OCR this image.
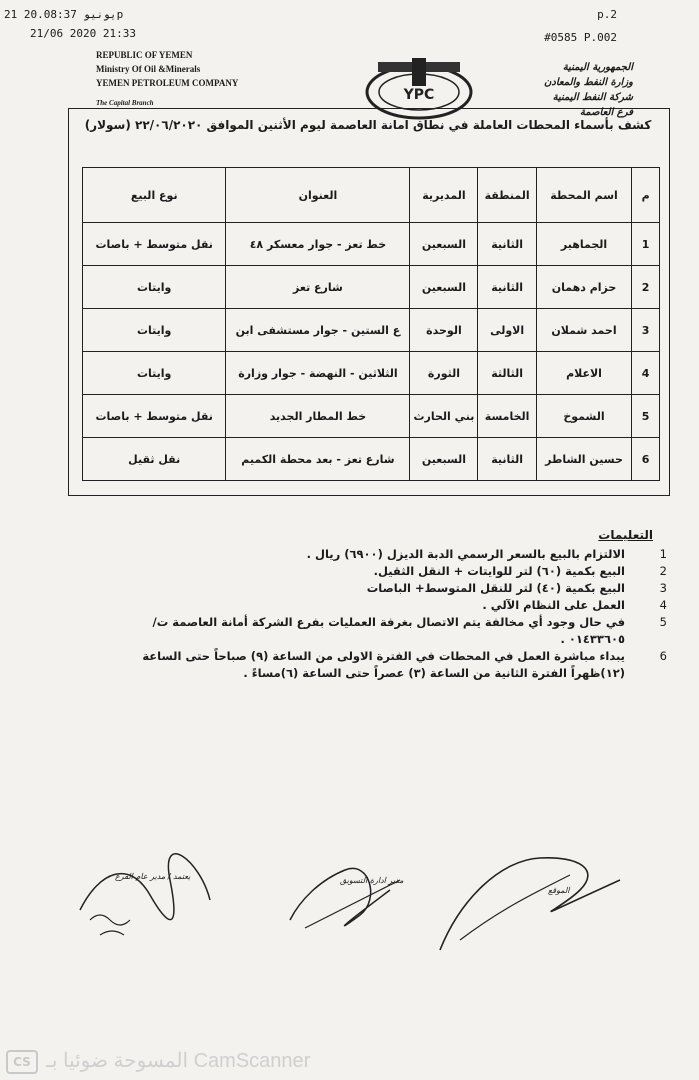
21 يونيو 20.08:37p
21/06 2020 21:33
p.2
#0585 P.002
REPUBLIC OF YEMEN
Ministry Of Oil &Minerals
YEMEN PETROLEUM COMPANY
The Capital Branch	YPC
الجمهورية اليمنية
وزارة النفط والمعادن
شركة النفط اليمنية
فرع العاصمة
كشف بأسماء المحطات العاملة في نطاق امانة العاصمة ليوم الأثنين الموافق ٢٢/٠٦/٢٠٢٠ (سولار)
م	اسم المحطة	المنطقة	المديرية	العنوان	نوع البيع
1	الجماهير	الثانية	السبعين	خط تعز - جوار معسكر ٤٨	نقل متوسط + باصات
2	حزام دهمان	الثانية	السبعين	شارع تعز	وايتات
3	احمد شملان	الاولى	الوحدة	ع الستين - جوار مستشفى ابن	وايتات
4	الاعلام	الثالثة	الثورة	الثلاثين - النهضة - جوار وزارة	وايتات
5	الشموخ	الخامسة	بني الحارث	خط المطار الجديد	نقل متوسط + باصات
6	حسين الشاطر	الثانية	السبعين	شارع تعز - بعد محطة الكميم	نقل ثقيل
التعليمات
1
الالتزام بالبيع بالسعر الرسمي الدبة الديزل (٦٩٠٠) ريال .
2
البيع بكمية (٦٠) لتر للوايتات + النقل الثقيل.
3
البيع بكمية (٤٠) لتر للنقل المتوسط+ الباصات
4
العمل على النظام الآلي .
5
في حال وجود أي مخالفة يتم الاتصال بغرفة العمليات بفرع الشركة أمانة العاصمة ت/٠١٤٣٣٦٠٥ .
6
يبداء مباشرة العمل في المحطات في الفترة الاولى من الساعة (٩) صباحاً حتى الساعة (١٢)ظهراً الفترة الثانية من الساعة (٣) عصراً حتى الساعة (٦)مساءً .
يعتمد / مدير عام الفرع	مدير ادارة التسويق
الموقع
CS المسوحة ضوئيا بـ CamScanner
